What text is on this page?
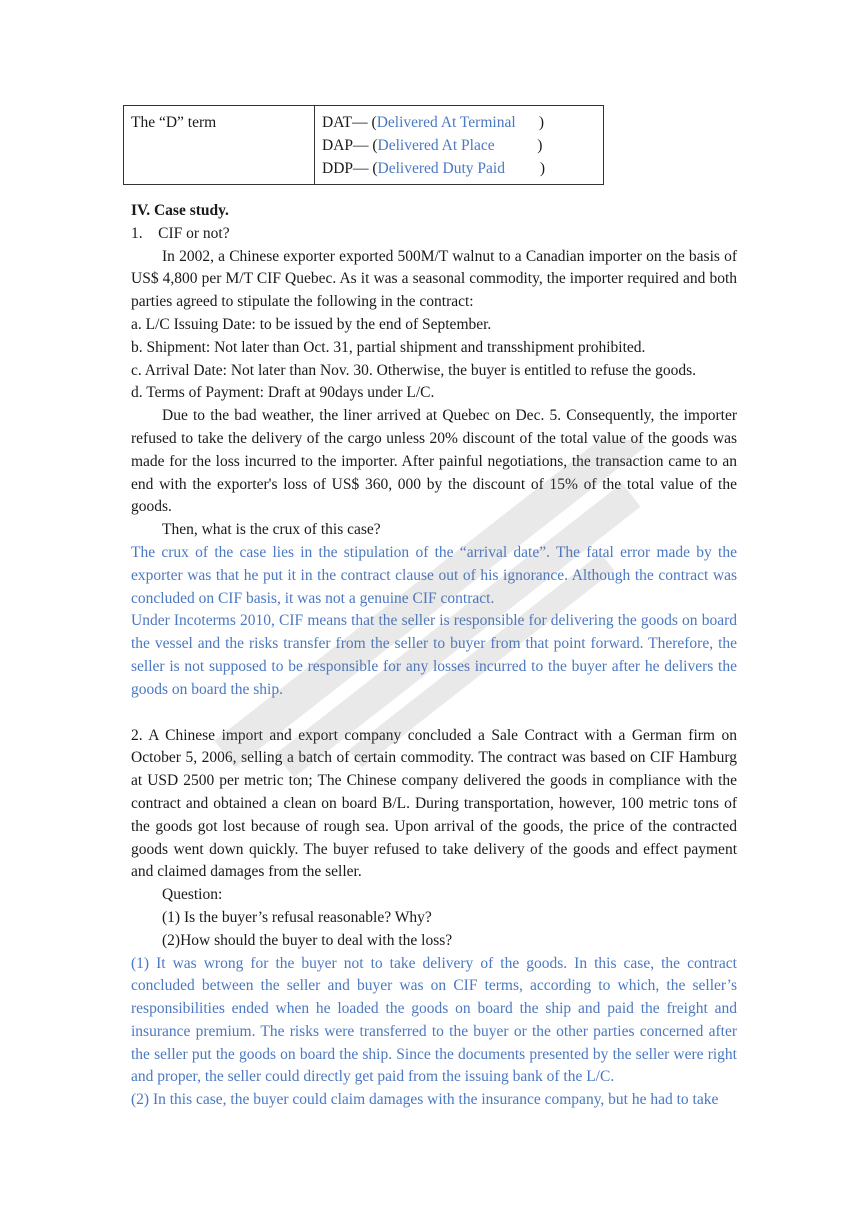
The “D” term	DAT— (Delivered At Terminal      )
DAP— (Delivered At Place           )
DDP— (Delivered Duty Paid         )

IV. Case study.

1.    CIF or not?

In 2002, a Chinese exporter exported 500M/T walnut to a Canadian importer on the basis of US$ 4,800 per M/T CIF Quebec. As it was a seasonal commodity, the importer required and both parties agreed to stipulate the following in the contract:

a. L/C Issuing Date: to be issued by the end of September.

b. Shipment: Not later than Oct. 31, partial shipment and transshipment prohibited.

c. Arrival Date: Not later than Nov. 30. Otherwise, the buyer is entitled to refuse the goods.

d. Terms of Payment: Draft at 90days under L/C.

Due to the bad weather, the liner arrived at Quebec on Dec. 5. Consequently, the importer refused to take the delivery of the cargo unless 20% discount of the total value of the goods was made for the loss incurred to the importer. After painful negotiations, the transaction came to an end with the exporter's loss of US$ 360, 000 by the discount of 15% of the total value of the goods.

Then, what is the crux of this case?

The crux of the case lies in the stipulation of the “arrival date”. The fatal error made by the exporter was that he put it in the contract clause out of his ignorance. Although the contract was concluded on CIF basis, it was not a genuine CIF contract.

Under Incoterms 2010, CIF means that the seller is responsible for delivering the goods on board the vessel and the risks transfer from the seller to buyer from that point forward. Therefore, the seller is not supposed to be responsible for any losses incurred to the buyer after he delivers the goods on board the ship.

2. A Chinese import and export company concluded a Sale Contract with a German firm on October 5, 2006, selling a batch of certain commodity. The contract was based on CIF Hamburg at USD 2500 per metric ton; The Chinese company delivered the goods in compliance with the contract and obtained a clean on board B/L. During transportation, however, 100 metric tons of the goods got lost because of rough sea. Upon arrival of the goods, the price of the contracted goods went down quickly. The buyer refused to take delivery of the goods and effect payment and claimed damages from the seller.

Question:

(1) Is the buyer’s refusal reasonable? Why?

(2)How should the buyer to deal with the loss?

(1) It was wrong for the buyer not to take delivery of the goods. In this case, the contract concluded between the seller and buyer was on CIF terms, according to which, the seller’s responsibilities ended when he loaded the goods on board the ship and paid the freight and insurance premium. The risks were transferred to the buyer or the other parties concerned after the seller put the goods on board the ship. Since the documents presented by the seller were right and proper, the seller could directly get paid from the issuing bank of the L/C.

(2) In this case, the buyer could claim damages with the insurance company, but he had to take
